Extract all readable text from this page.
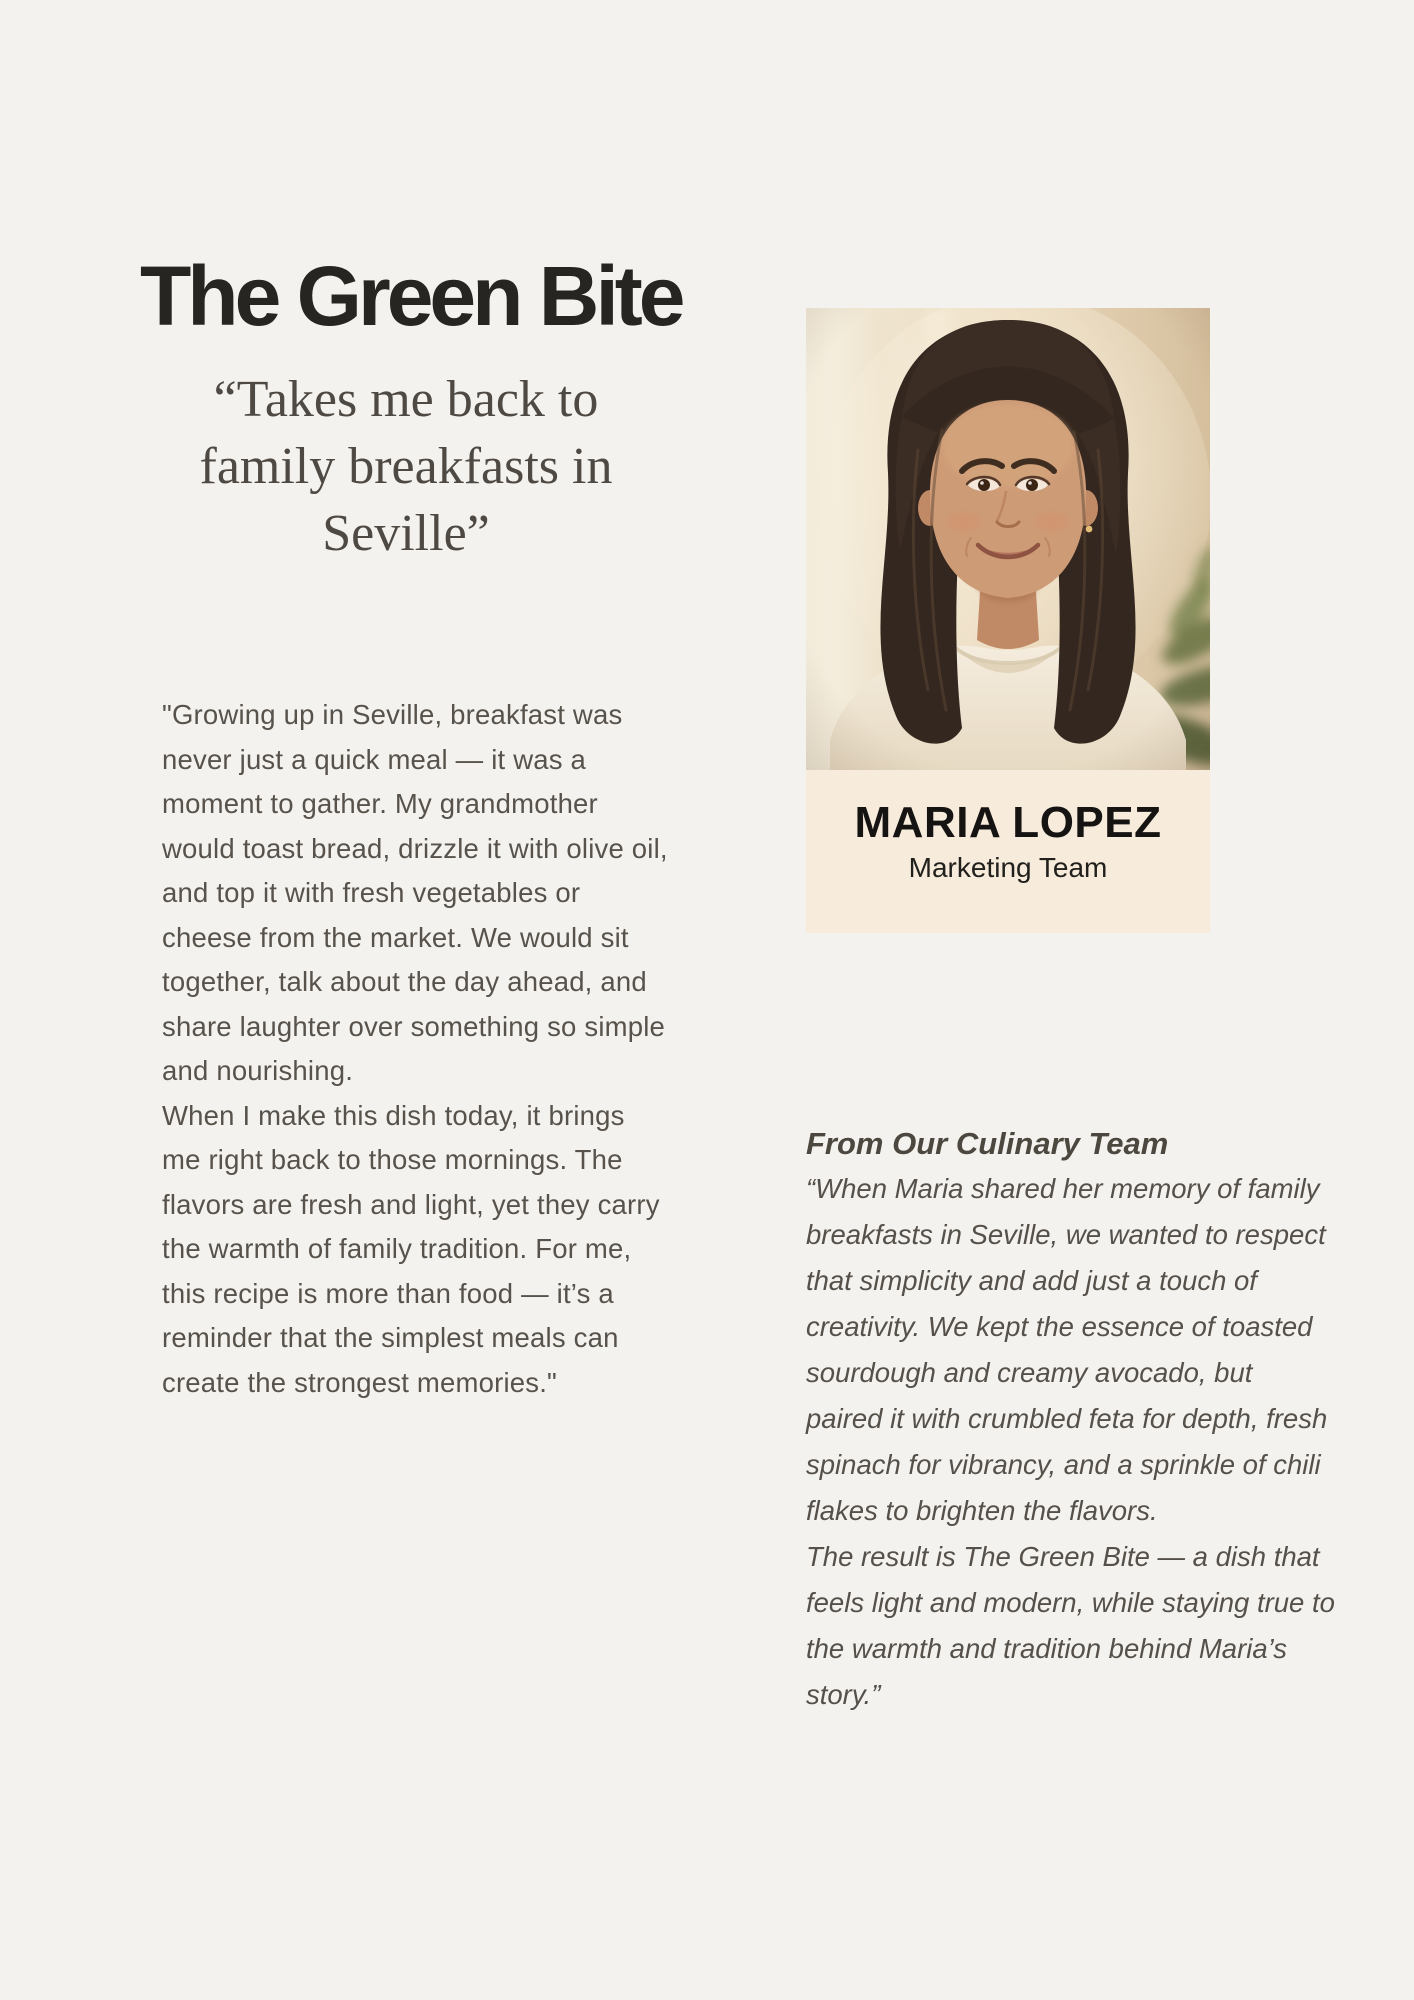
The Green Bite
“Takes me back to family breakfasts in Seville”

"Growing up in Seville, breakfast was never just a quick meal — it was a moment to gather. My grandmother would toast bread, drizzle it with olive oil, and top it with fresh vegetables or cheese from the market. We would sit together, talk about the day ahead, and share laughter over something so simple and nourishing.

When I make this dish today, it brings me right back to those mornings. The flavors are fresh and light, yet they carry the warmth of family tradition. For me, this recipe is more than food — it’s a reminder that the simplest meals can create the strongest memories."

MARIA LOPEZ
Marketing Team

From Our Culinary Team

“When Maria shared her memory of family breakfasts in Seville, we wanted to respect that simplicity and add just a touch of creativity. We kept the essence of toasted sourdough and creamy avocado, but paired it with crumbled feta for depth, fresh spinach for vibrancy, and a sprinkle of chili flakes to brighten the flavors.

The result is The Green Bite — a dish that feels light and modern, while staying true to the warmth and tradition behind Maria’s story.”
